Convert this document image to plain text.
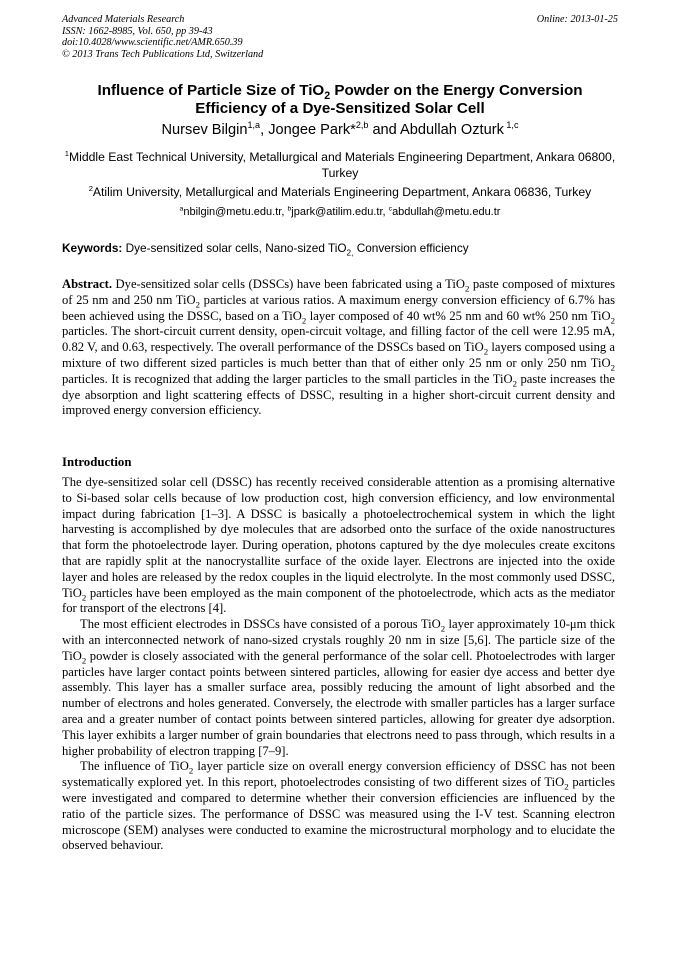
Advanced Materials Research
ISSN: 1662-8985, Vol. 650, pp 39-43
doi:10.4028/www.scientific.net/AMR.650.39
© 2013 Trans Tech Publications Ltd, Switzerland
Online: 2013-01-25
Influence of Particle Size of TiO$_2$ Powder on the Energy Conversion Efficiency of a Dye-Sensitized Solar Cell
Nursev Bilgin$^{1,a}$, Jongee Park*$^{2,b}$ and Abdullah Ozturk $^{1,c}$
$^1$Middle East Technical University, Metallurgical and Materials Engineering Department, Ankara 06800, Turkey
$^2$Atilim University, Metallurgical and Materials Engineering Department, Ankara 06836, Turkey
$^a$nbilgin@metu.edu.tr, $^b$jpark@atilim.edu.tr, $^c$abdullah@metu.edu.tr
Keywords: Dye-sensitized solar cells, Nano-sized TiO$_{2,}$ Conversion efficiency
Abstract. Dye-sensitized solar cells (DSSCs) have been fabricated using a TiO$_2$ paste composed of mixtures of 25 nm and 250 nm TiO$_2$ particles at various ratios. A maximum energy conversion efficiency of 6.7% has been achieved using the DSSC, based on a TiO$_2$ layer composed of 40 wt% 25 nm and 60 wt% 250 nm TiO$_2$ particles. The short-circuit current density, open-circuit voltage, and filling factor of the cell were 12.95 mA, 0.82 V, and 0.63, respectively. The overall performance of the DSSCs based on TiO$_2$ layers composed using a mixture of two different sized particles is much better than that of either only 25 nm or only 250 nm TiO$_2$ particles. It is recognized that adding the larger particles to the small particles in the TiO$_2$ paste increases the dye absorption and light scattering effects of DSSC, resulting in a higher short-circuit current density and improved energy conversion efficiency.
Introduction

The dye-sensitized solar cell (DSSC) has recently received considerable attention as a promising alternative to Si-based solar cells because of low production cost, high conversion efficiency, and low environmental impact during fabrication [1–3]. A DSSC is basically a photoelectrochemical system in which the light harvesting is accomplished by dye molecules that are adsorbed onto the surface of the oxide nanostructures that form the photoelectrode layer. During operation, photons captured by the dye molecules create excitons that are rapidly split at the nanocrystallite surface of the oxide layer. Electrons are injected into the oxide layer and holes are released by the redox couples in the liquid electrolyte. In the most commonly used DSSC, TiO$_2$ particles have been employed as the main component of the photoelectrode, which acts as the mediator for transport of the electrons [4].

The most efficient electrodes in DSSCs have consisted of a porous TiO$_2$ layer approximately 10-μm thick with an interconnected network of nano-sized crystals roughly 20 nm in size [5,6]. The particle size of the TiO$_2$ powder is closely associated with the general performance of the solar cell. Photoelectrodes with larger particles have larger contact points between sintered particles, allowing for easier dye access and better dye assembly. This layer has a smaller surface area, possibly reducing the amount of light absorbed and the number of electrons and holes generated. Conversely, the electrode with smaller particles has a larger surface area and a greater number of contact points between sintered particles, allowing for greater dye adsorption. This layer exhibits a larger number of grain boundaries that electrons need to pass through, which results in a higher probability of electron trapping [7–9].

The influence of TiO$_2$ layer particle size on overall energy conversion efficiency of DSSC has not been systematically explored yet. In this report, photoelectrodes consisting of two different sizes of TiO$_2$ particles were investigated and compared to determine whether their conversion efficiencies are influenced by the ratio of the particle sizes. The performance of DSSC was measured using the I-V test. Scanning electron microscope (SEM) analyses were conducted to examine the microstructural morphology and to elucidate the observed behaviour.
